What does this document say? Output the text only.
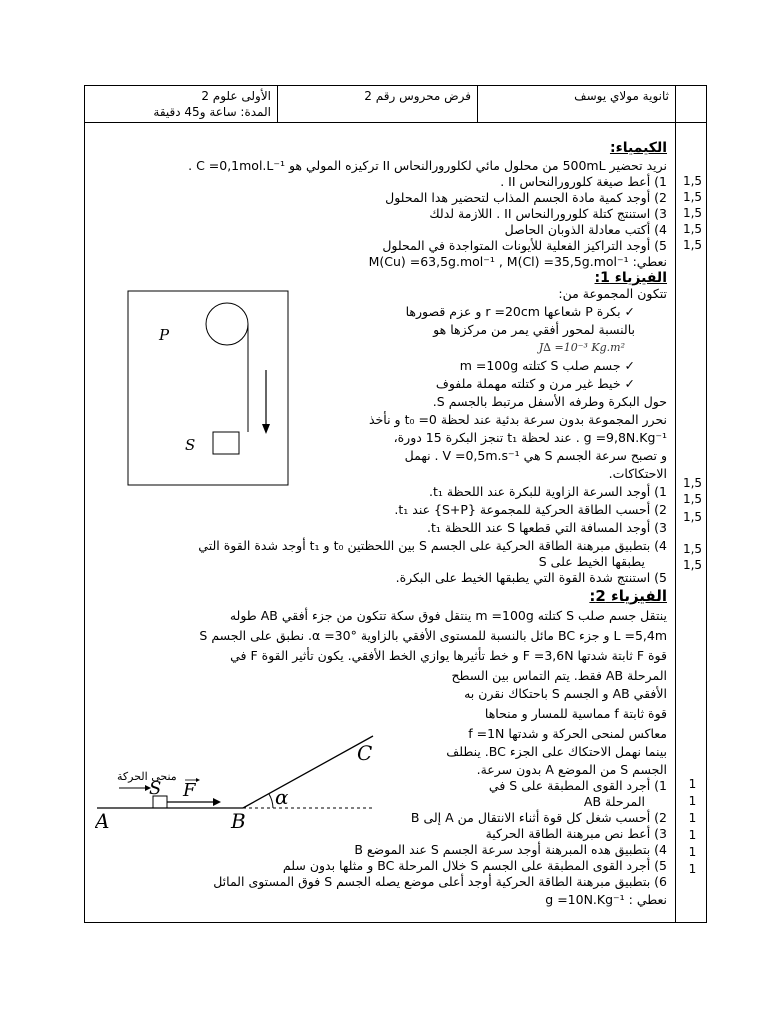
ثانوية مولاي يوسف
فرض محروس رقم 2
الأولى علوم 2
المدة: ساعة و45 دقيقة
1,5
1,5
1,5
1,5
1,5
1,5
1,5
1,5
1,5
1,5
1
1
1
1
1
1
الكيمياء:
نريد تحضير 500mL من محلول مائي لكلورورالنحاس II تركيزه المولي هو C =0,1mol.L⁻¹ .
1) أعط صيغة كلورورالنحاس II .
2) أوجد كمية مادة الجسم المذاب لتحضير هدا المحلول
3) استنتج كتلة كلورورالنحاس II . اللازمة لدلك
4) أكتب معادلة الذوبان الحاصل
5) أوجد التراكيز الفعلية للأيونات المتواجدة في المحلول
نعطي: M(Cu) =63,5g.mol⁻¹ , M(Cl) =35,5g.mol⁻¹
الفيزياء 1:
تتكون المجموعة من:
✓ بكرة P شعاعها r =20cm و عزم قصورها
بالنسبة لمحور أفقي يمر من مركزها هو
J∆ =10⁻³ Kg.m²
✓ جسم صلب S كتلته m =100g
✓ خيط غير مرن و كتلته مهملة ملفوف
حول البكرة وطرفه الأسفل مرتبط بالجسم S.
نحرر المجموعة بدون سرعة بدئية عند لحظة t₀ =0 و نأخذ
g =9,8N.Kg⁻¹ . عند لحظة t₁ تنجز البكرة 15 دورة،
و تصبح سرعة الجسم S هي V =0,5m.s⁻¹ . نهمل
الاحتكاكات.
1) أوجد السرعة الزاوية للبكرة عند اللحظة t₁.
2) أحسب الطاقة الحركية للمجموعة {S+P} عند t₁.
3) أوجد المسافة التي قطعها S عند اللحظة t₁.
4) بتطبيق مبرهنة الطاقة الحركية على الجسم S بين اللحظتين t₀ و t₁ أوجد شدة القوة التي
يطبقها الخيط على S
5) استنتج شدة القوة التي يطبقها الخيط على البكرة.
P
S
الفيزياء 2:
ينتقل جسم صلب S كتلته m =100g ينتقل فوق سكة تتكون من جزء أفقي AB طوله
L =5,4m و جزء BC مائل بالنسبة للمستوى الأفقي بالزاوية α =30°. نطبق على الجسم S
قوة F ثابتة شدتها F =3,6N و خط تأثيرها يوازي الخط الأفقي. يكون تأثير القوة F في
المرحلة AB فقط. يتم التماس بين السطح
الأفقي AB و الجسم S باحتكاك نقرن به
قوة ثابتة f مماسية للمسار و منحاها
معاكس لمنحى الحركة و شدتها f =1N
بينما نهمل الاحتكاك على الجزء BC. ينطلف
الجسم S من الموضع A بدون سرعة.
1) أجرد القوى المطبقة على S في
المرحلة AB
2) أحسب شغل كل قوة أثناء الانتقال من A إلى B
3) أعط نص مبرهنة الطاقة الحركية
4) بتطبيق هده المبرهنة أوجد سرعة الجسم S عند الموضع B
5) أجرد القوى المطبقة على الجسم S خلال المرحلة BC و مثلها بدون سلم
6) بتطبيق مبرهنة الطاقة الحركية أوجد أعلى موضع يصله الجسم S فوق المستوى المائل
نعطي : g =10N.Kg⁻¹
منحى الحركة
A	B
C
S F	α
